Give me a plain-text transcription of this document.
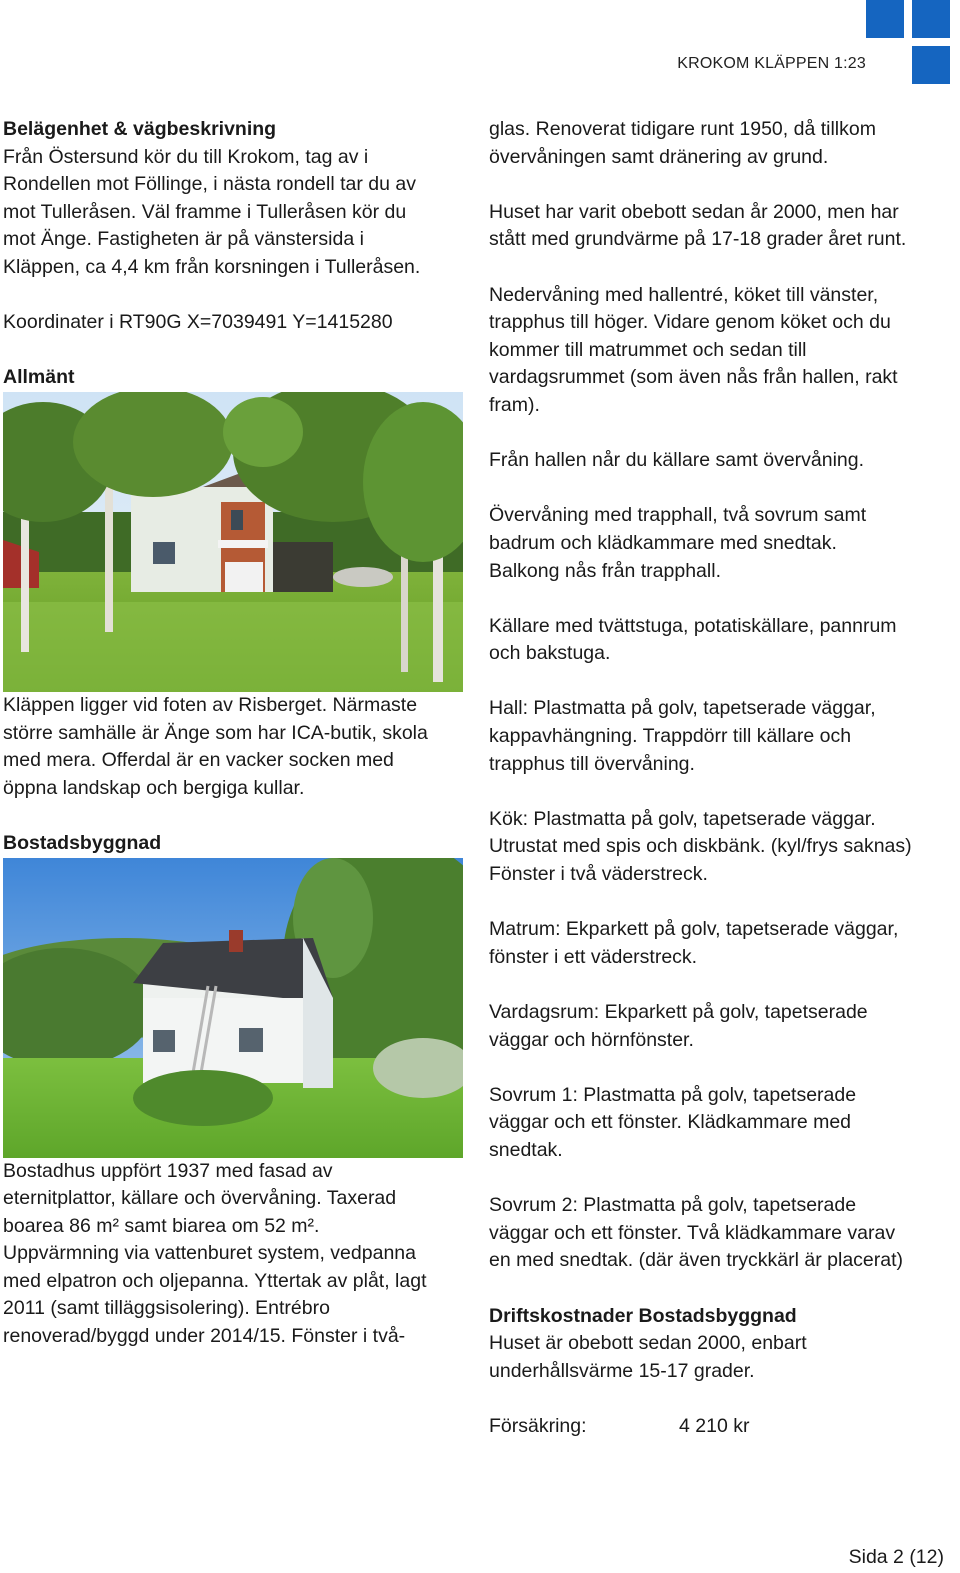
KROKOM KLÄPPEN 1:23
Belägenhet & vägbeskrivning

Från Östersund kör du till Krokom, tag av i

Rondellen mot Föllinge, i nästa rondell tar du av

mot Tulleråsen. Väl framme i Tulleråsen kör du

mot Änge. Fastigheten är på vänstersida i

Kläppen, ca 4,4 km från korsningen i Tulleråsen.

Koordinater i RT90G X=7039491 Y=1415280

Allmänt

Kläppen ligger vid foten av Risberget. Närmaste

större samhälle är Änge som har ICA-butik, skola

med mera. Offerdal är en vacker socken med

öppna landskap och bergiga kullar.

Bostadsbyggnad

Bostadhus uppfört 1937 med fasad av

eternitplattor, källare och övervåning. Taxerad

boarea 86 m² samt biarea om 52 m².

Uppvärmning via vattenburet system, vedpanna

med elpatron och oljepanna. Yttertak av plåt, lagt

2011 (samt tilläggsisolering). Entrébro

renoverad/byggd under 2014/15. Fönster i två-

glas. Renoverat tidigare runt 1950, då tillkom

övervåningen samt dränering av grund.

Huset har varit obebott sedan år 2000, men har

stått med grundvärme på 17-18 grader året runt.

Nedervåning med hallentré, köket till vänster,

trapphus till höger. Vidare genom köket och du

kommer till matrummet och sedan till

vardagsrummet (som även nås från hallen, rakt

fram).

Från hallen når du källare samt övervåning.

Övervåning med trapphall, två sovrum samt

badrum och klädkammare med snedtak.

Balkong nås från trapphall.

Källare med tvättstuga, potatiskällare, pannrum

och bakstuga.

Hall: Plastmatta på golv, tapetserade väggar,

kappavhängning. Trappdörr till källare och

trapphus till övervåning.

Kök: Plastmatta på golv, tapetserade väggar.

Utrustat med spis och diskbänk. (kyl/frys saknas)

Fönster i två väderstreck.

Matrum: Ekparkett på golv, tapetserade väggar,

fönster i ett väderstreck.

Vardagsrum: Ekparkett på golv, tapetserade

väggar och hörnfönster.

Sovrum 1: Plastmatta på golv, tapetserade

väggar och ett fönster. Klädkammare med

snedtak.

Sovrum 2: Plastmatta på golv, tapetserade

väggar och ett fönster. Två klädkammare varav

en med snedtak. (där även tryckkärl är placerat)

Driftskostnader Bostadsbyggnad

Huset är obebott sedan 2000, enbart

underhållsvärme 15-17 grader.

Försäkring:	4 210 kr
Sida 2 (12)
